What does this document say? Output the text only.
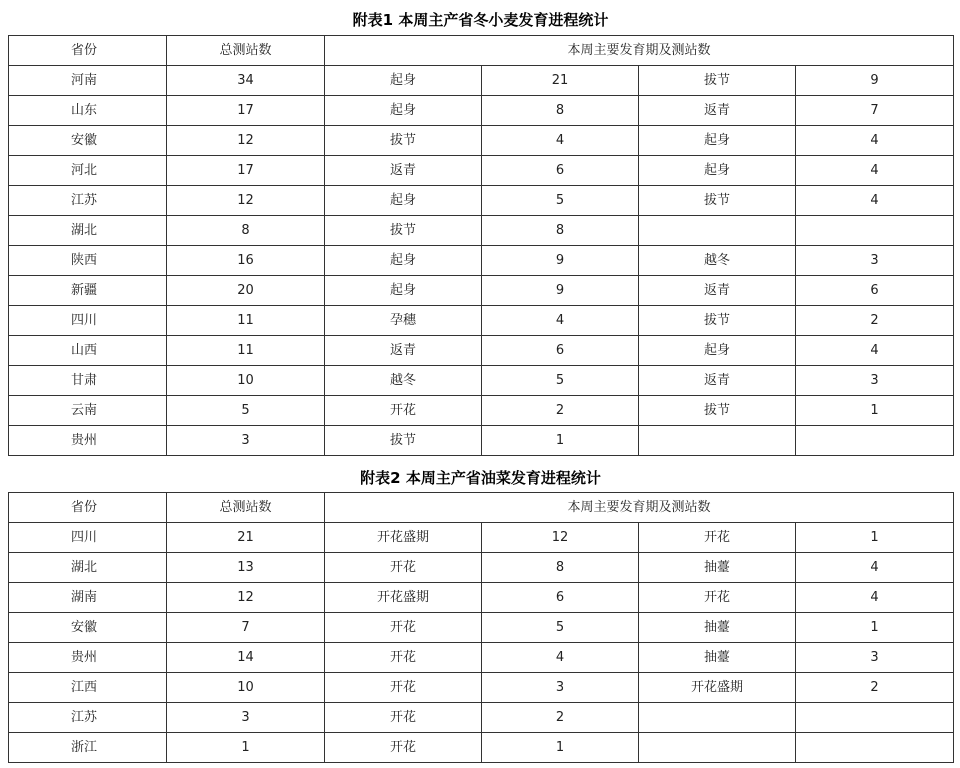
附表1 本周主产省冬小麦发育进程统计
省份	总测站数	本周主要发育期及测站数			
河南	34	起身	21	拔节	9
山东	17	起身	8	返青	7
安徽	12	拔节	4	起身	4
河北	17	返青	6	起身	4
江苏	12	起身	5	拔节	4
湖北	8	拔节	8		
陕西	16	起身	9	越冬	3
新疆	20	起身	9	返青	6
四川	11	孕穗	4	拔节	2
山西	11	返青	6	起身	4
甘肃	10	越冬	5	返青	3
云南	5	开花	2	拔节	1
贵州	3	拔节	1		
附表2 本周主产省油菜发育进程统计
省份	总测站数	本周主要发育期及测站数			
四川	21	开花盛期	12	开花	1
湖北	13	开花	8	抽薹	4
湖南	12	开花盛期	6	开花	4
安徽	7	开花	5	抽薹	1
贵州	14	开花	4	抽薹	3
江西	10	开花	3	开花盛期	2
江苏	3	开花	2		
浙江	1	开花	1		
